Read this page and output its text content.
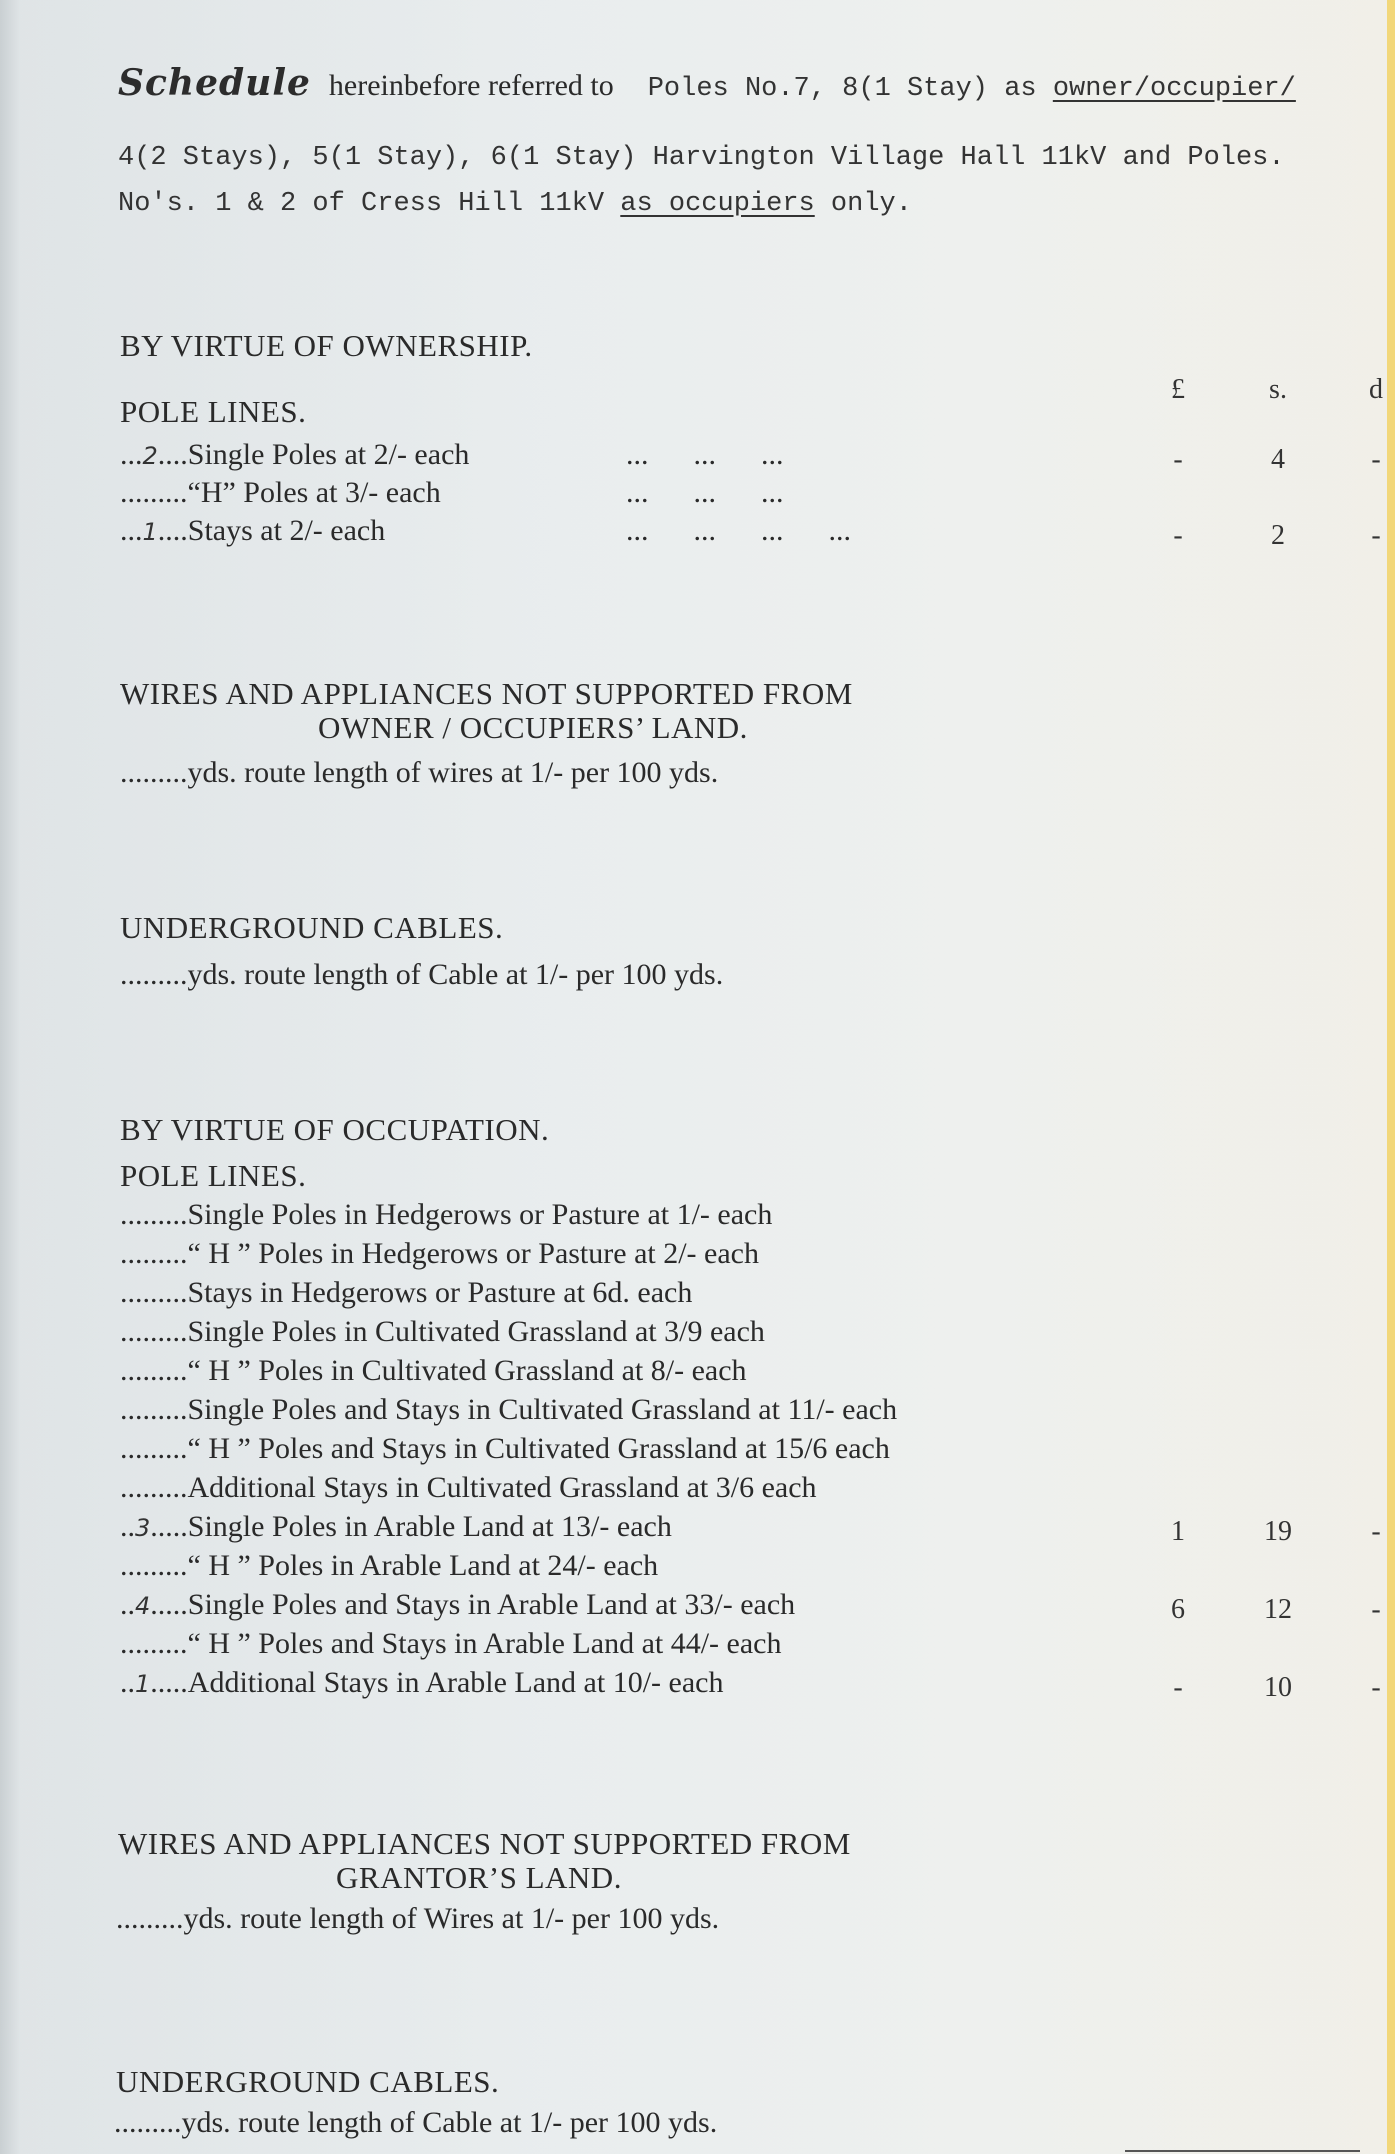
Schedule hereinbefore referred to Poles No.7, 8(1 Stay) as owner/occupier/
4(2 Stays), 5(1 Stay), 6(1 Stay) Harvington Village Hall 11kV and Poles.
No's. 1 & 2 of Cress Hill 11kV as occupiers only.
BY VIRTUE OF OWNERSHIP.
£	s.	d
POLE LINES.
...2....Single Poles at 2/- each	...      ...      ...	-	4	-
.........“H” Poles at 3/- each	...      ...      ...
...1....Stays at 2/- each	...      ...      ...      ...	-	2	-
WIRES AND APPLIANCES NOT SUPPORTED FROM
OWNER / OCCUPIERS’ LAND.
.........yds. route length of wires at 1/- per 100 yds.
UNDERGROUND CABLES.
.........yds. route length of Cable at 1/- per 100 yds.
BY VIRTUE OF OCCUPATION.
POLE LINES.
.........Single Poles in Hedgerows or Pasture at 1/- each
.........“ H ” Poles in Hedgerows or Pasture at 2/- each
.........Stays in Hedgerows or Pasture at 6d. each
.........Single Poles in Cultivated Grassland at 3/9 each
.........“ H ” Poles in Cultivated Grassland at 8/- each
.........Single Poles and Stays in Cultivated Grassland at 11/- each
.........“ H ” Poles and Stays in Cultivated Grassland at 15/6 each
.........Additional Stays in Cultivated Grassland at 3/6 each
..3.....Single Poles in Arable Land at 13/- each	1	19	-
.........“ H ” Poles in Arable Land at 24/- each
..4.....Single Poles and Stays in Arable Land at 33/- each	6	12	-
.........“ H ” Poles and Stays in Arable Land at 44/- each
..1.....Additional Stays in Arable Land at 10/- each	-	10	-
WIRES AND APPLIANCES NOT SUPPORTED FROM
GRANTOR’S LAND.
.........yds. route length of Wires at 1/- per 100 yds.
UNDERGROUND CABLES.
.........yds. route length of Cable at 1/- per 100 yds.
